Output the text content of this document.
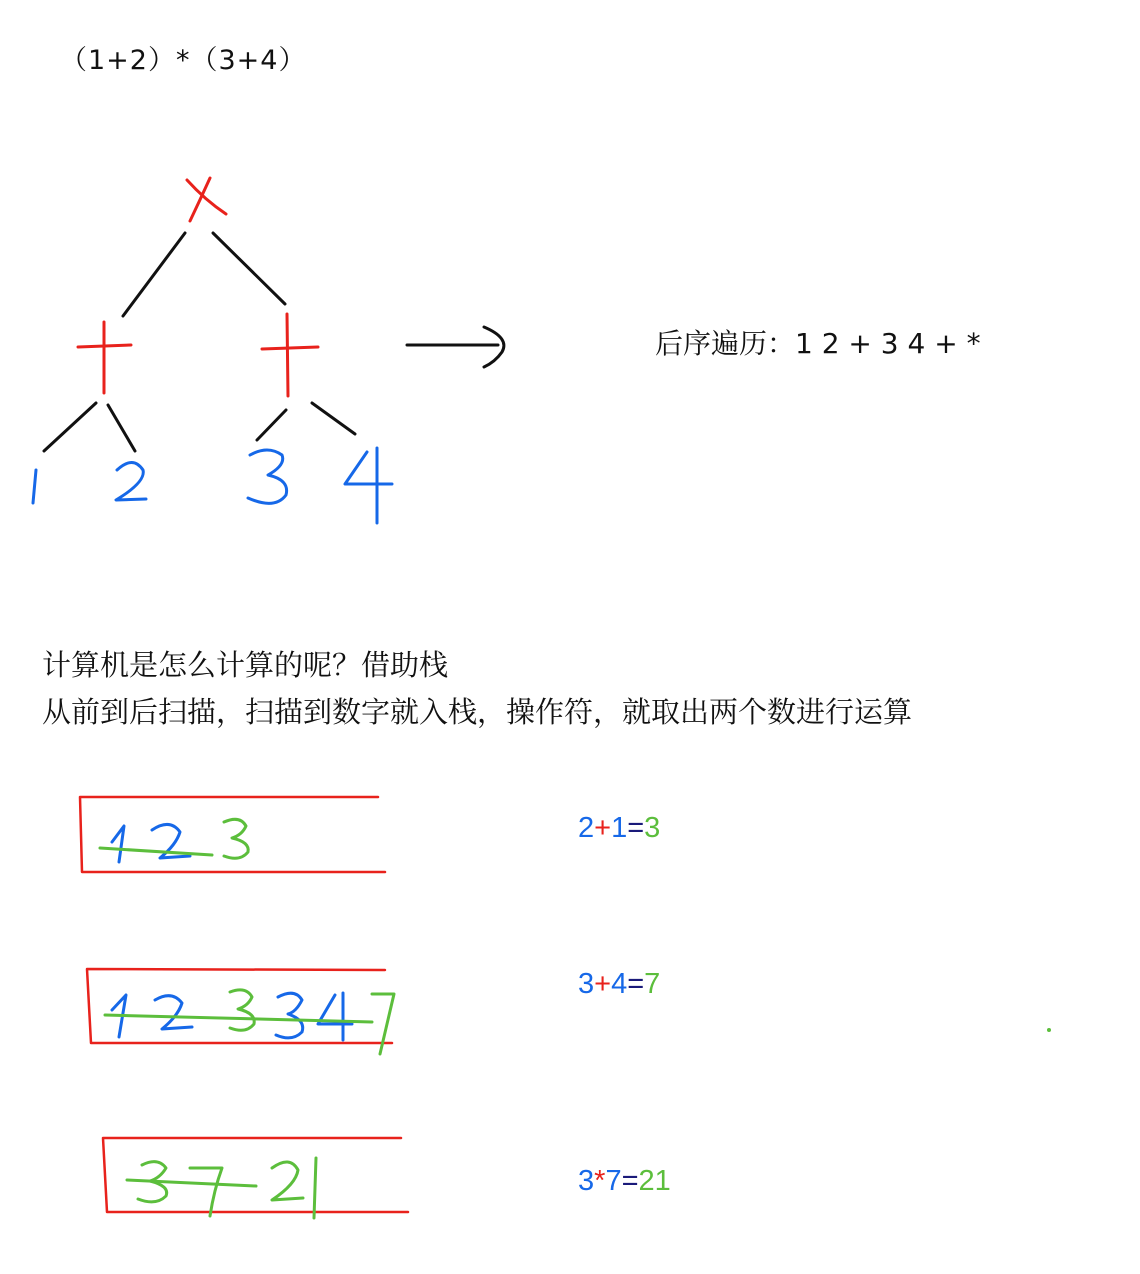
（1+2）*（3+4）
后序遍历：1 2 + 3 4 + *
计算机是怎么计算的呢？借助栈
从前到后扫描，扫描到数字就入栈，操作符，就取出两个数进行运算
2+1=3
3+4=7
3*7=21
